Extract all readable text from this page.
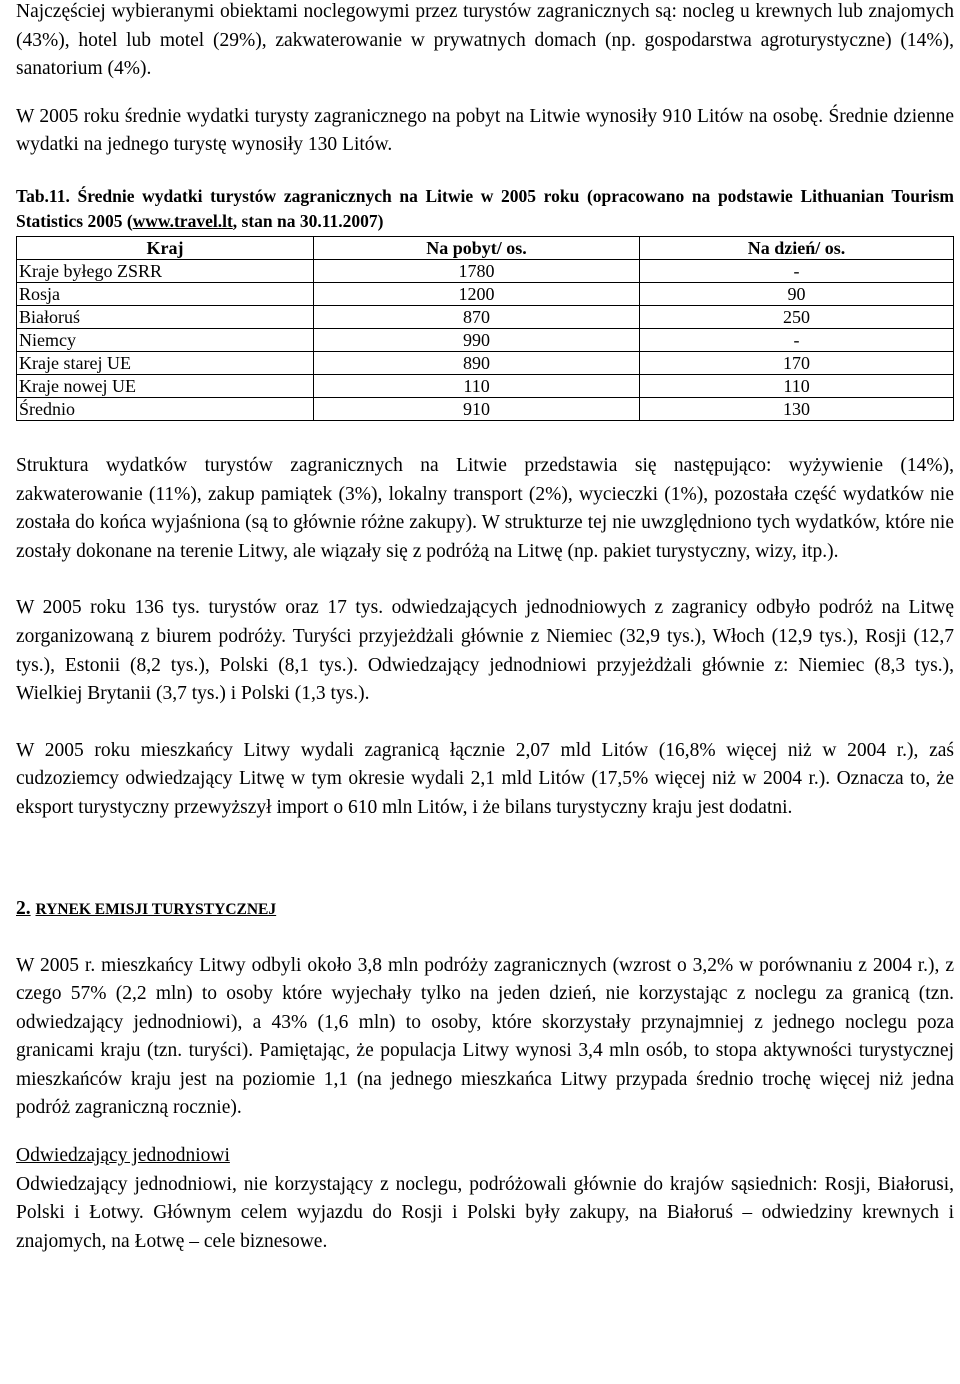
Najczęściej wybieranymi obiektami noclegowymi przez turystów zagranicznych są: nocleg u krewnych lub znajomych (43%), hotel lub motel (29%), zakwaterowanie w prywatnych domach (np. gospodarstwa agroturystyczne) (14%), sanatorium (4%).

W 2005 roku średnie wydatki turysty zagranicznego na pobyt na Litwie wynosiły 910 Litów na osobę. Średnie dzienne wydatki na jednego turystę wynosiły 130 Litów.

Tab.11. Średnie wydatki turystów zagranicznych na Litwie w 2005 roku (opracowano na podstawie Lithuanian Tourism Statistics 2005 (www.travel.lt, stan na 30.11.2007)
Kraj	Na pobyt/ os.	Na dzień/ os.
Kraje byłego ZSRR	1780	-
Rosja	1200	90
Białoruś	870	250
Niemcy	990	-
Kraje starej UE	890	170
Kraje nowej UE	110	110
Średnio	910	130

Struktura wydatków turystów zagranicznych na Litwie przedstawia się następująco: wyżywienie (14%), zakwaterowanie (11%), zakup pamiątek (3%), lokalny transport (2%), wycieczki (1%), pozostała część wydatków nie została do końca wyjaśniona (są to głównie różne zakupy). W strukturze tej nie uwzględniono tych wydatków, które nie zostały dokonane na terenie Litwy, ale wiązały się z podróżą na Litwę (np. pakiet turystyczny, wizy, itp.).

W 2005 roku 136 tys. turystów oraz 17 tys. odwiedzających jednodniowych z zagranicy odbyło podróż na Litwę zorganizowaną z biurem podróży. Turyści przyjeżdżali głównie z Niemiec (32,9 tys.), Włoch (12,9 tys.), Rosji (12,7 tys.), Estonii (8,2 tys.), Polski (8,1 tys.). Odwiedzający jednodniowi przyjeżdżali głównie z: Niemiec (8,3 tys.), Wielkiej Brytanii (3,7 tys.) i Polski (1,3 tys.).

W 2005 roku mieszkańcy Litwy wydali zagranicą łącznie 2,07 mld Litów (16,8% więcej niż w 2004 r.), zaś cudzoziemcy odwiedzający Litwę w tym okresie wydali 2,1 mld Litów (17,5% więcej niż w 2004 r.). Oznacza to, że eksport turystyczny przewyższył import o 610 mln Litów, i że bilans turystyczny kraju jest dodatni.

2. RYNEK EMISJI TURYSTYCZNEJ

W 2005 r. mieszkańcy Litwy odbyli około 3,8 mln podróży zagranicznych (wzrost o 3,2% w porównaniu z 2004 r.), z czego 57% (2,2 mln) to osoby które wyjechały tylko na jeden dzień, nie korzystając z noclegu za granicą (tzn. odwiedzający jednodniowi), a 43% (1,6 mln) to osoby, które skorzystały przynajmniej z jednego noclegu poza granicami kraju (tzn. turyści). Pamiętając, że populacja Litwy wynosi 3,4 mln osób, to stopa aktywności turystycznej mieszkańców kraju jest na poziomie 1,1 (na jednego mieszkańca Litwy przypada średnio trochę więcej niż jedna podróż zagraniczną rocznie).

Odwiedzający jednodniowi

Odwiedzający jednodniowi, nie korzystający z noclegu, podróżowali głównie do krajów sąsiednich: Rosji, Białorusi, Polski i Łotwy. Głównym celem wyjazdu do Rosji i Polski były zakupy, na Białoruś – odwiedziny krewnych i znajomych, na Łotwę – cele biznesowe.
